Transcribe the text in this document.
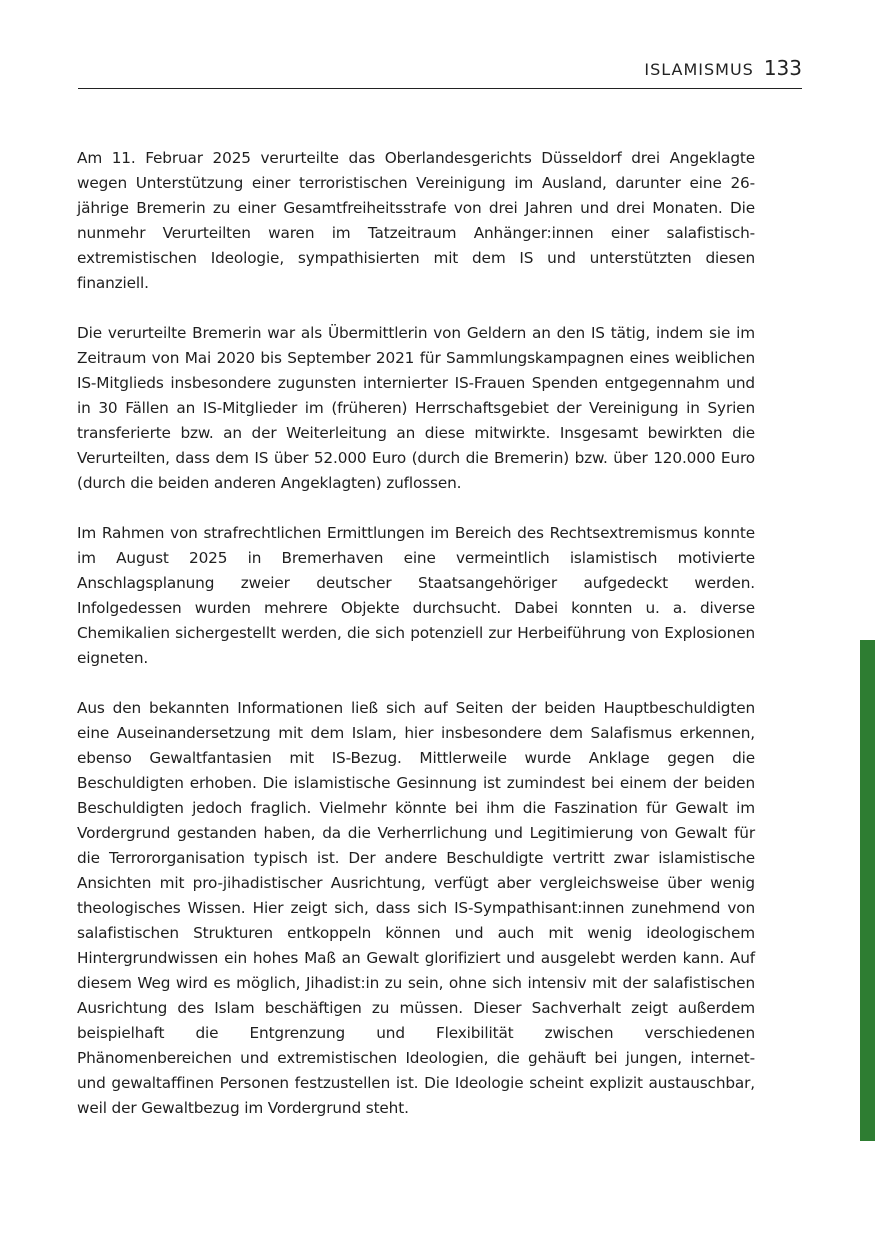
ISLAMISMUS 133

Am 11. Februar 2025 verurteilte das Oberlandesgerichts Düsseldorf drei Angeklagte wegen Unterstützung einer terroristischen Vereinigung im Ausland, darunter eine 26-jährige Bremerin zu einer Gesamtfreiheitsstrafe von drei Jahren und drei Monaten. Die nunmehr Verurteilten waren im Tatzeitraum Anhänger:innen einer salafistisch-extremistischen Ideologie, sympathisierten mit dem IS und unterstützten diesen finanziell.

Die verurteilte Bremerin war als Übermittlerin von Geldern an den IS tätig, indem sie im Zeitraum von Mai 2020 bis September 2021 für Sammlungskampagnen eines weiblichen IS-Mitglieds insbesondere zugunsten internierter IS-Frauen Spenden entgegennahm und in 30 Fällen an IS-Mitglieder im (früheren) Herrschaftsgebiet der Vereinigung in Syrien transferierte bzw. an der Weiterleitung an diese mitwirkte. Insgesamt bewirkten die Verurteilten, dass dem IS über 52.000 Euro (durch die Bremerin) bzw. über 120.000 Euro (durch die beiden anderen Angeklagten) zuflossen.

Im Rahmen von strafrechtlichen Ermittlungen im Bereich des Rechtsextremismus konnte im August 2025 in Bremerhaven eine vermeintlich islamistisch motivierte Anschlagsplanung zweier deutscher Staatsangehöriger aufgedeckt werden. Infolgedessen wurden mehrere Objekte durchsucht. Dabei konnten u. a. diverse Chemikalien sichergestellt werden, die sich potenziell zur Herbeiführung von Explosionen eigneten.

Aus den bekannten Informationen ließ sich auf Seiten der beiden Hauptbeschuldigten eine Auseinandersetzung mit dem Islam, hier insbesondere dem Salafismus erkennen, ebenso Gewaltfantasien mit IS-Bezug. Mittlerweile wurde Anklage gegen die Beschuldigten erhoben. Die islamistische Gesinnung ist zumindest bei einem der beiden Beschuldigten jedoch fraglich. Vielmehr könnte bei ihm die Faszination für Gewalt im Vordergrund gestanden haben, da die Verherrlichung und Legitimierung von Gewalt für die Terrororganisation typisch ist. Der andere Beschuldigte vertritt zwar islamistische Ansichten mit pro-jihadistischer Ausrichtung, verfügt aber vergleichsweise über wenig theologisches Wissen. Hier zeigt sich, dass sich IS-Sympathisant:innen zunehmend von salafistischen Strukturen entkoppeln können und auch mit wenig ideologischem Hintergrundwissen ein hohes Maß an Gewalt glorifiziert und ausgelebt werden kann. Auf diesem Weg wird es möglich, Jihadist:in zu sein, ohne sich intensiv mit der salafistischen Ausrichtung des Islam beschäftigen zu müssen. Dieser Sachverhalt zeigt außerdem beispielhaft die Entgrenzung und Flexibilität zwischen verschiedenen Phänomenbereichen und extremistischen Ideologien, die gehäuft bei jungen, internet- und gewaltaffinen Personen festzustellen ist. Die Ideologie scheint explizit austauschbar, weil der Gewaltbezug im Vordergrund steht.
